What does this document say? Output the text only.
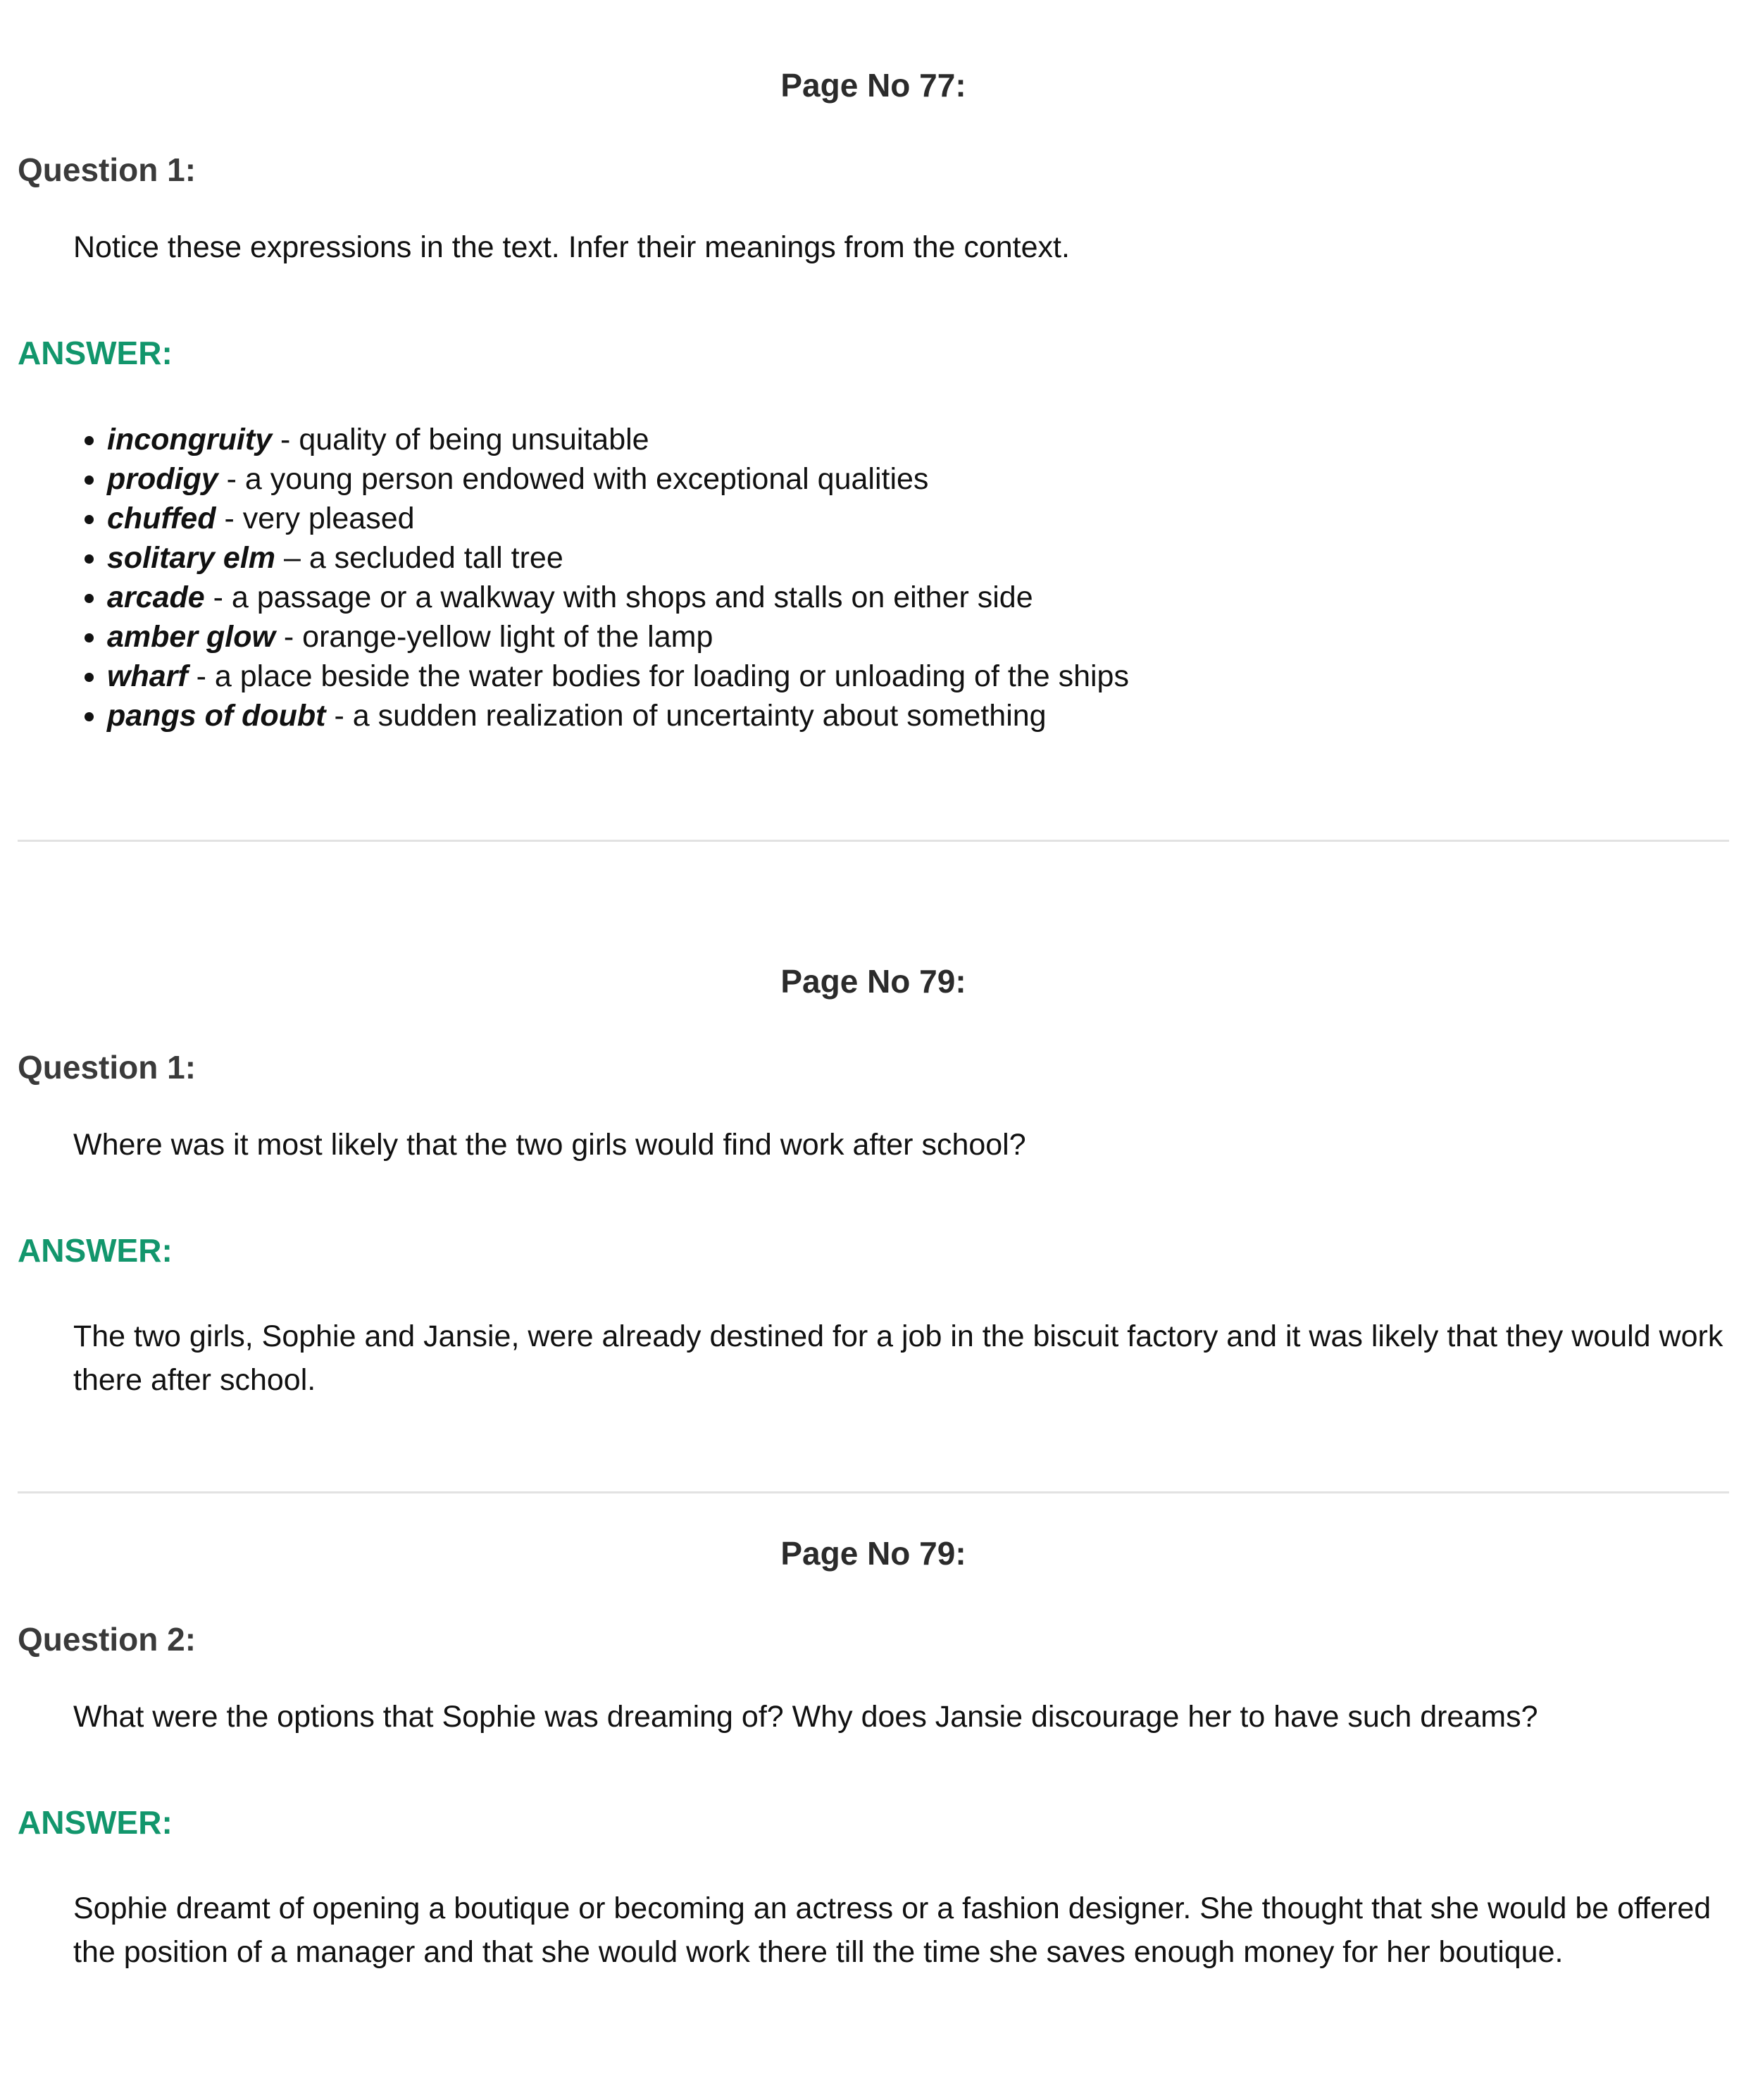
Page No 77:
Question 1:

Notice these expressions in the text. Infer their meanings from the context.

ANSWER:
• incongruity - quality of being unsuitable
• prodigy - a young person endowed with exceptional qualities
• chuffed - very pleased
• solitary elm – a secluded tall tree
• arcade - a passage or a walkway with shops and stalls on either side
• amber glow - orange-yellow light of the lamp
• wharf - a place beside the water bodies for loading or unloading of the ships
• pangs of doubt - a sudden realization of uncertainty about something
Page No 79:
Question 1:

Where was it most likely that the two girls would find work after school?

ANSWER:

The two girls, Sophie and Jansie, were already destined for a job in the biscuit factory and it was likely that they would work there after school.

Page No 79:
Question 2:

What were the options that Sophie was dreaming of? Why does Jansie discourage her to have such dreams?

ANSWER:

Sophie dreamt of opening a boutique or becoming an actress or a fashion designer. She thought that she would be offered the position of a manager and that she would work there till the time she saves enough money for her boutique.
